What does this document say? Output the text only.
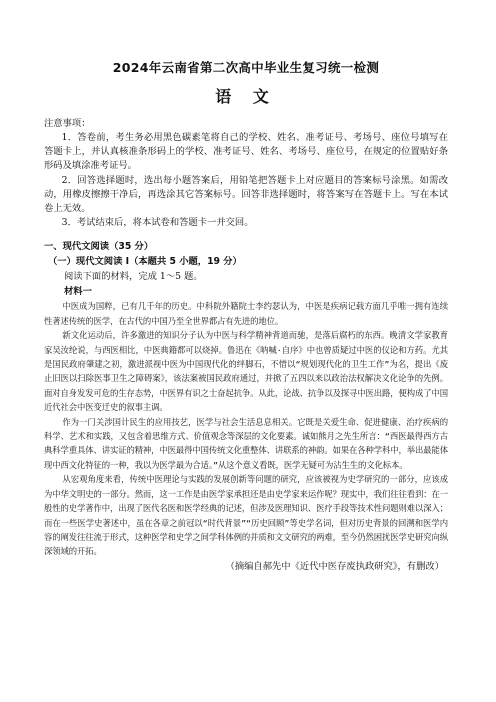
2024年云南省第二次高中毕业生复习统一检测
语 文

注意事项：

1．答卷前，考生务必用黑色碳素笔将自己的学校、姓名、准考证号、考场号、座位号填写在答题卡上，并认真核准条形码上的学校、准考证号、姓名、考场号、座位号，在规定的位置贴好条形码及填涂准考证号。

2．回答选择题时，选出每小题答案后，用铅笔把答题卡上对应题目的答案标号涂黑。如需改动，用橡皮擦擦干净后，再选涂其它答案标号。回答非选择题时，将答案写在答题卡上。写在本试卷上无效。

3．考试结束后，将本试卷和答题卡一并交回。

一、现代文阅读（35 分）

（一）现代文阅读 I（本题共 5 小题，19 分）

阅读下面的材料，完成 1～5 题。

材料一

中医成为国粹，已有几千年的历史。中科院外籍院士李约瑟认为，中医是疾病记载方面几乎唯一拥有连续性著述传统的医学，在古代的中国乃至全世界都占有先进的地位。

新文化运动后，许多激进的知识分子认为中医与科学精神背道而驰，是落后腐朽的东西。晚清文学家教育家吴汝纶说，与西医相比，中医典籍都可以烧掉。鲁迅在《呐喊·自序》中也曾质疑过中医的仪论和方药。尤其是国民政府肇建之初，激进派视中医为中国现代化的绊脚石，不惜以“规划现代化的卫生工作”为名，提出《废止旧医以扫除医事卫生之障碍案》，该法案被国民政府通过，并掀了五四以来以政治法权解决文化论争的先例。面对自身发发可危的生存态势，中医界有识之士奋起抗争。从此，论战、抗争以及探寻中医出路，便构成了中国近代社会中医变迁史的叙事主调。

作为一门关涉国计民生的应用技艺，医学与社会生活息息相关。它既是关爱生命、促进健康、治疗疾病的科学、艺术和实践，又包含着思维方式、价值观念等深层的文化要素。诚如熊月之先生所言：“西医最得西方古典科学重具体、讲实证的精神，中医最得中国传统文化重整体、讲联系的神韵。如果在各种学科中，举出最能体现中西文化特征的一种，我以为医学最为合适。”从这个意义看既，医学无疑可为沾生生的文化标本。

从宏观角度来看，传统中医理论与实践的发展创新等问题的研究，应该被视为史学研究的一部分，应该成为中华文明史的一部分。然而，这一工作是由医学家承担还是由史学家来运作呢？现实中，我们往往看到：在一般性的史学著作中，出现了医代名医和医学经典的记述，但涉及医理知识、医疗手段等技术性问题则难以深入；而在一些医学史著述中，虽在各章之前冠以“时代背景”“历史回顾”等史学名词，但对历史背景的回溯和医学内容的阐发往往流于形式，这种医学和史学之间学科体例的并质和文文研究的两难，至今仍然困扰医学史研究向纵深领域的开拓。

（摘编自郝先中《近代中医存废执政研究》，有删改）
